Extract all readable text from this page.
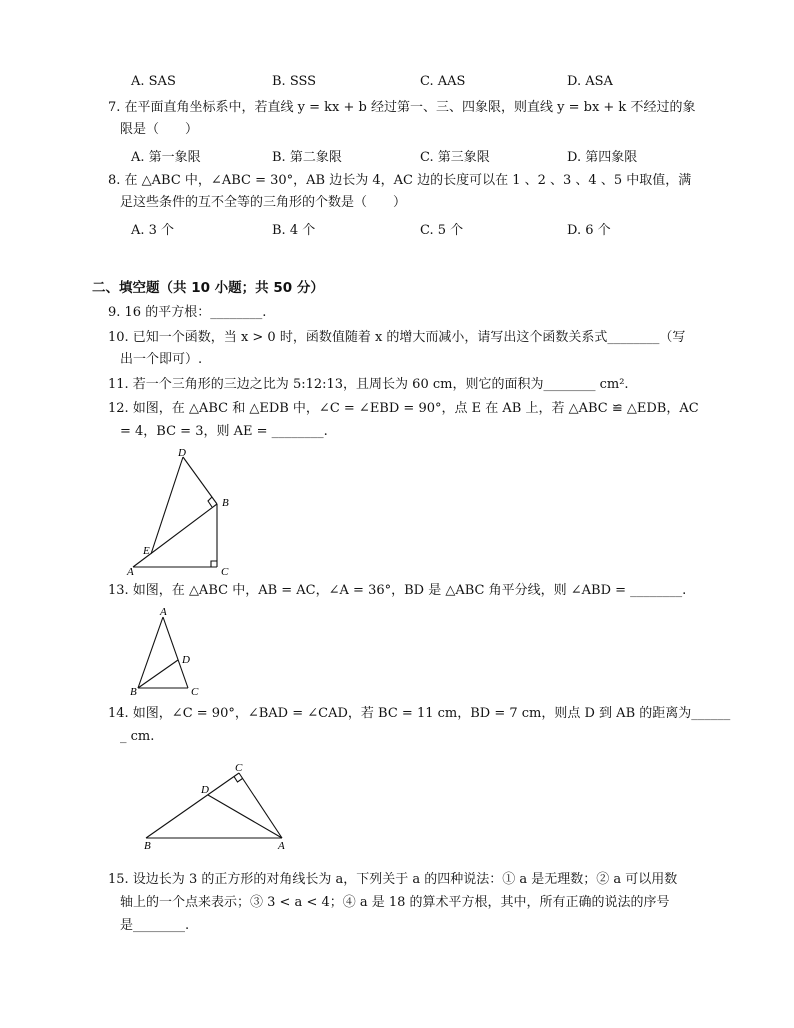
A. SAS	B. SSS	C. AAS	D. ASA
7. 在平面直角坐标系中，若直线 y = kx + b 经过第一、三、四象限，则直线 y = bx + k 不经过的象
限是（　　）
A. 第一象限	B. 第二象限	C. 第三象限	D. 第四象限
8. 在 △ABC 中，∠ABC = 30°，AB 边长为 4，AC 边的长度可以在 1 、2 、3 、4 、5 中取值，满
足这些条件的互不全等的三角形的个数是（　　）
A. 3 个	B. 4 个	C. 5 个	D. 6 个
二、填空题（共 10 小题；共 50 分）
9. 16 的平方根：________.
10. 已知一个函数，当 x > 0 时，函数值随着 x 的增大而减小，请写出这个函数关系式________（写
出一个即可）.
11. 若一个三角形的三边之比为 5:12:13，且周长为 60 cm，则它的面积为________ cm².
12. 如图，在 △ABC 和 △EDB 中，∠C = ∠EBD = 90°，点 E 在 AB 上，若 △ABC ≌ △EDB，AC
= 4，BC = 3，则 AE = ________.
D
B
E
A	C
13. 如图，在 △ABC 中，AB = AC，∠A = 36°，BD 是 △ABC 角平分线，则 ∠ABD = ________.
A
D
B	C
14. 如图，∠C = 90°，∠BAD = ∠CAD，若 BC = 11 cm，BD = 7 cm，则点 D 到 AB 的距离为______
_ cm.
C
D
B	A
15. 设边长为 3 的正方形的对角线长为 a，下列关于 a 的四种说法：① a 是无理数；② a 可以用数
轴上的一个点来表示；③ 3 < a < 4；④ a 是 18 的算术平方根，其中，所有正确的说法的序号
是________.
